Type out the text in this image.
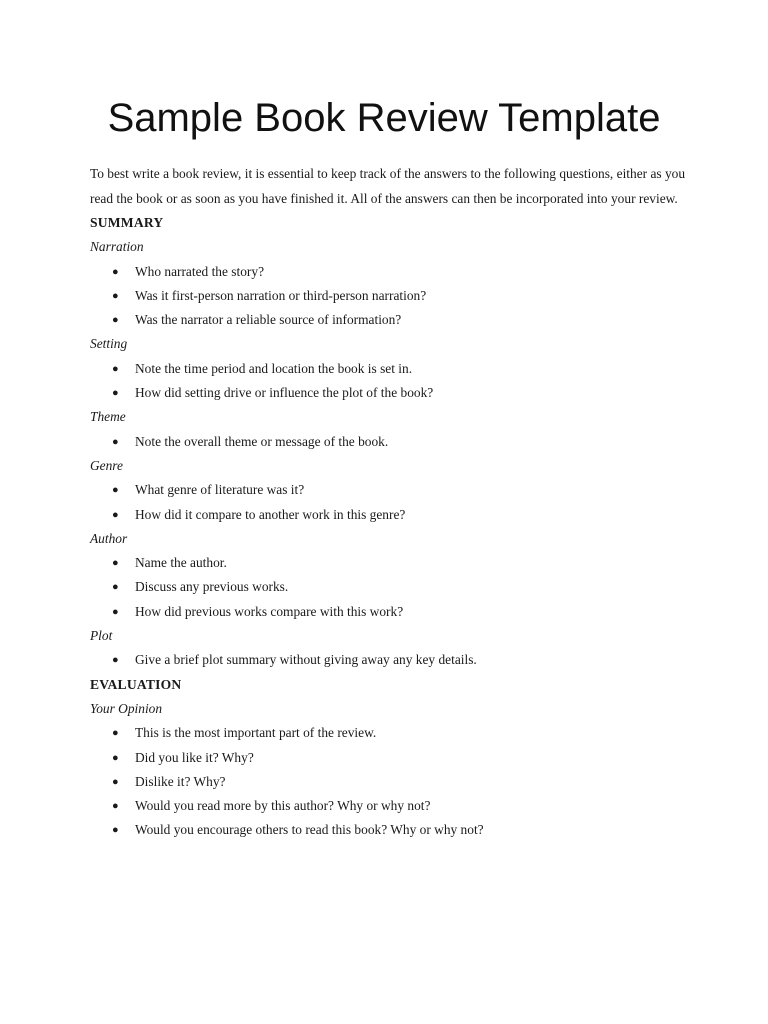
Sample Book Review Template

To best write a book review, it is essential to keep track of the answers to the following questions, either as you read the book or as soon as you have finished it. All of the answers can then be incorporated into your review.

SUMMARY
Narration
● Who narrated the story?
● Was it first-person narration or third-person narration?
● Was the narrator a reliable source of information?
Setting
● Note the time period and location the book is set in.
● How did setting drive or influence the plot of the book?
Theme
● Note the overall theme or message of the book.
Genre
● What genre of literature was it?
● How did it compare to another work in this genre?
Author
● Name the author.
● Discuss any previous works.
● How did previous works compare with this work?
Plot
● Give a brief plot summary without giving away any key details.
EVALUATION
Your Opinion
● This is the most important part of the review.
● Did you like it? Why?
● Dislike it? Why?
● Would you read more by this author? Why or why not?
● Would you encourage others to read this book? Why or why not?
